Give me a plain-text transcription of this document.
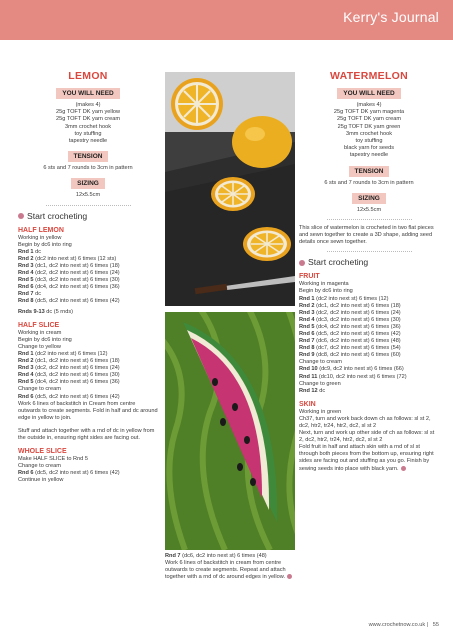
Kerry's Journal
LEMON
YOU WILL NEED
(makes 4)
25g TOFT DK yarn yellow
25g TOFT DK yarn cream
3mm crochet hook
toy stuffing
tapestry needle
TENSION
6 sts and 7 rounds to 3cm in pattern
SIZING
12x5.5cm
Start crocheting
HALF LEMON
Working in yellow
Begin by dc6 into ring
Rnd 1 dc
Rnd 2 (dc2 into next st) 6 times (12 sts)
Rnd 3 (dc1, dc2 into next st) 6 times (18)
Rnd 4 (dc2, dc2 into next st) 6 times (24)
Rnd 5 (dc3, dc2 into next st) 6 times (30)
Rnd 6 (dc4, dc2 into next st) 6 times (36)
Rnd 7 dc
Rnd 8 (dc5, dc2 into next st) 6 times (42)
Rnds 9-13 dc (5 rnds)
HALF SLICE
Working in cream
Begin by dc6 into ring
Change to yellow
Rnd 1 (dc2 into next st) 6 times (12)
Rnd 2 (dc1, dc2 into next st) 6 times (18)
Rnd 3 (dc2, dc2 into next st) 6 times (24)
Rnd 4 (dc3, dc2 into next st) 6 times (30)
Rnd 5 (dc4, dc2 into next st) 6 times (36)
Change to cream
Rnd 6 (dc5, dc2 into next st) 6 times (42)
Work 6 lines of backstitch in Cream from centre outwards to create segments. Fold in half and dc around edge in yellow to join.
Stuff and attach together with a rnd of dc in yellow from the outside in, ensuring right sides are facing out.
WHOLE SLICE
Make HALF SLICE to Rnd 5
Change to cream
Rnd 6 (dc5, dc2 into next st) 6 times (42)
Continue in yellow
Rnd 7 (dc6, dc2 into next st) 6 times (48)
Work 6 lines of backstitch in cream from centre outwards to create segments. Repeat and attach together with a rnd of dc around edges in yellow.
WATERMELON
YOU WILL NEED
(makes 4)
25g TOFT DK yarn magenta
25g TOFT DK yarn cream
25g TOFT DK yarn green
3mm crochet hook
toy stuffing
black yarn for seeds
tapestry needle
TENSION
6 sts and 7 rounds to 3cm in pattern
SIZING
12x5.5cm
This slice of watermelon is crocheted in two flat pieces and sewn together to create a 3D shape, adding seed details once sewn together.
Start crocheting
FRUIT
Working in magenta
Begin by dc6 into ring
Rnd 1 (dc2 into next st) 6 times (12)
Rnd 2 (dc1, dc2 into next st) 6 times (18)
Rnd 3 (dc2, dc2 into next st) 6 times (24)
Rnd 4 (dc3, dc2 into next st) 6 times (30)
Rnd 5 (dc4, dc2 into next st) 6 times (36)
Rnd 6 (dc5, dc2 into next st) 6 times (42)
Rnd 7 (dc6, dc2 into next st) 6 times (48)
Rnd 8 (dc7, dc2 into next st) 6 times (54)
Rnd 9 (dc8, dc2 into next st) 6 times (60)
Change to cream
Rnd 10 (dc9, dc2 into next st) 6 times (66)
Rnd 11 (dc10, dc2 into next st) 6 times (72)
Change to green
Rnd 12 dc
SKIN
Working in green
Ch37, turn and work back down ch as follows: sl st 2, dc2, htr2, tr24, htr2, dc2, sl st 2
Next, turn and work up other side of ch as follows: sl st 2, dc2, htr2, tr24, htr2, dc2, sl st 2
Fold fruit in half and attach skin with a rnd of sl st through both pieces from the bottom up, ensuring right sides are facing out and stuffing as you go. Finish by sewing seeds into place with black yarn.
www.crochetnow.co.uk | 55
